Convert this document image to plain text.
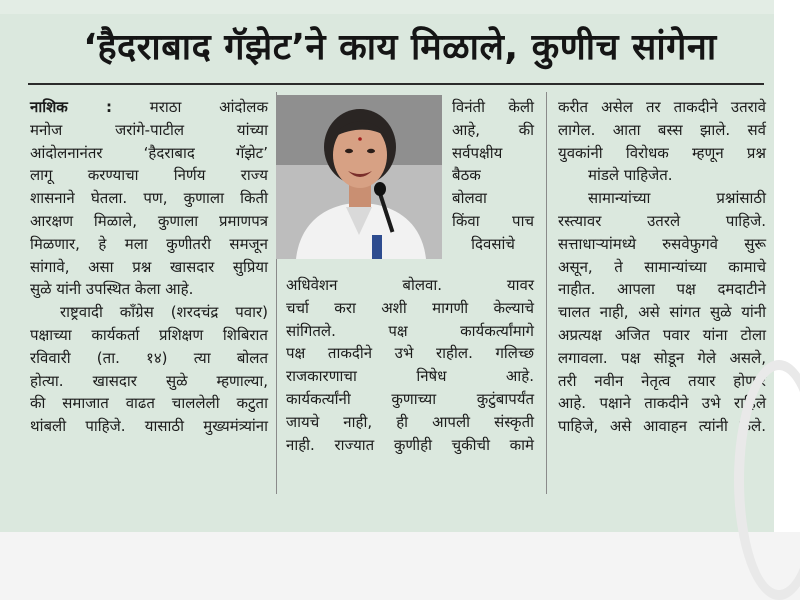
‘हैदराबाद गॅझेट’ने काय मिळाले, कुणीच सांगेना

नाशिक :	मराठा आंदोलक

मनोज जरांगे-पाटील यांच्या

आंदोलनानंतर ‘हैदराबाद गॅझेट’

लागू करण्याचा निर्णय राज्य

शासनाने घेतला. पण, कुणाला किती

आरक्षण मिळाले, कुणाला प्रमाणपत्र

मिळणार, हे मला कुणीतरी समजून

सांगावे, असा प्रश्न खासदार सुप्रिया

सुळे यांनी उपस्थित केला आहे.

राष्ट्रवादी काँग्रेस (शरदचंद्र पवार)

पक्षाच्या कार्यकर्ता प्रशिक्षण शिबिरात

रविवारी (ता. १४) त्या बोलत

होत्या. खासदार सुळे म्हणाल्या,

की समाजात वाढत चाललेली कटुता

थांबली पाहिजे. यासाठी मुख्यमंत्र्यांना

विनंती केली

आहे, की

सर्वपक्षीय

बैठक

बोलवा

किंवा पाच

दिवसांचे

अधिवेशन बोलवा. यावर

चर्चा करा अशी मागणी केल्याचे

सांगितले. पक्ष कार्यकर्त्यांमागे

पक्ष ताकदीने उभे राहील. गलिच्छ

राजकारणाचा निषेध आहे.

कार्यकर्त्यांनी कुणाच्या कुटुंबापर्यंत

जायचे नाही, ही आपली संस्कृती

नाही. राज्यात कुणीही चुकीची कामे

करीत असेल तर ताकदीने उतरावे

लागेल. आता बस्स झाले. सर्व

युवकांनी विरोधक म्हणून प्रश्न

मांडले पाहिजेत.

सामान्यांच्या प्रश्नांसाठी

रस्त्यावर उतरले पाहिजे.

सत्ताधाऱ्यांमध्ये रुसवेफुगवे सुरू

असून, ते सामान्यांच्या कामाचे

नाहीत. आपला पक्ष दमदाटीने

चालत नाही, असे सांगत सुळे यांनी

अप्रत्यक्ष अजित पवार यांना टोला

लगावला. पक्ष सोडून गेले असले,

तरी नवीन नेतृत्व तयार होणार

आहे. पक्षाने ताकदीने उभे राहिले

पाहिजे, असे आवाहन त्यांनी केले.
